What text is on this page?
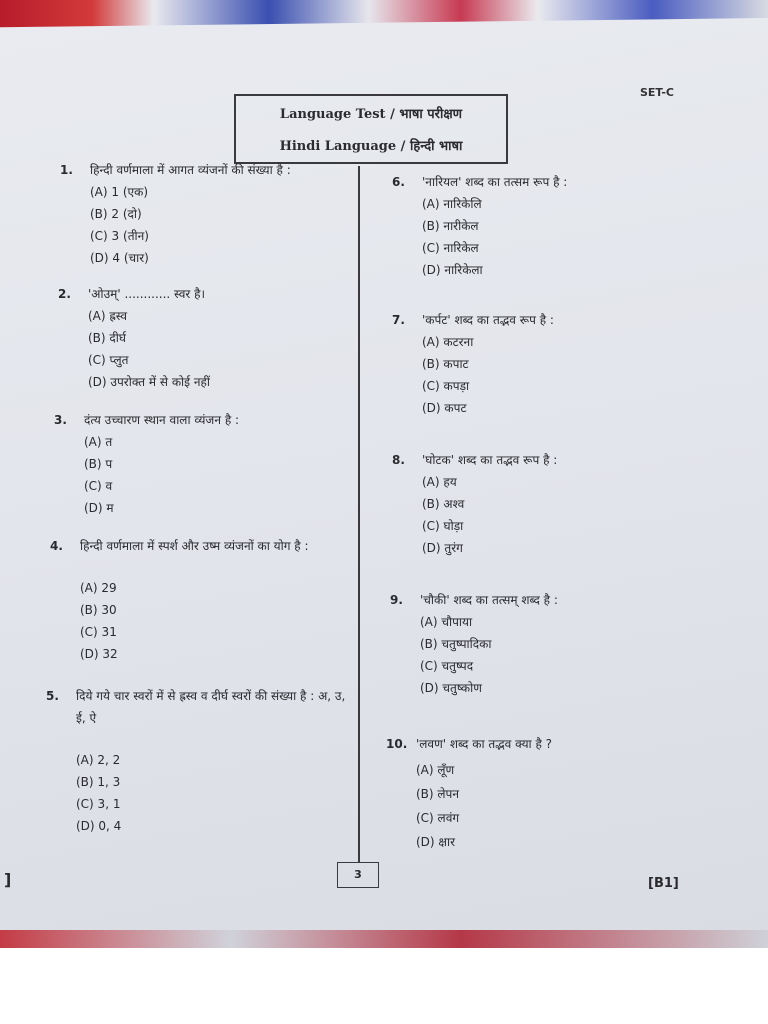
SET-C
Language Test / भाषा परीक्षण
Hindi Language / हिन्दी भाषा
1. हिन्दी वर्णमाला में आगत व्यंजनों की संख्या है :
(A) 1 (एक)
(B) 2 (दो)
(C) 3 (तीन)
(D) 4 (चार)
2. 'ओउम्' ............ स्वर है।
(A) ह्रस्व
(B) दीर्घ
(C) प्लुत
(D) उपरोक्त में से कोई नहीं
3. दंत्य उच्चारण स्थान वाला व्यंजन है :
(A) त
(B) प
(C) व
(D) म
4. हिन्दी वर्णमाला में स्पर्श और उष्म व्यंजनों का योग है :
(A) 29
(B) 30
(C) 31
(D) 32
5. दिये गये चार स्वरों में से ह्रस्व व दीर्घ स्वरों की संख्या है : अ, उ, ई, ऐ
(A) 2, 2
(B) 1, 3
(C) 3, 1
(D) 0, 4
6. 'नारियल' शब्द का तत्सम रूप है :
(A) नारिकेलि
(B) नारीकेल
(C) नारिकेल
(D) नारिकेला
7. 'कर्पट' शब्द का तद्भव रूप है :
(A) कटरना
(B) कपाट
(C) कपड़ा
(D) कपट
8. 'घोटक' शब्द का तद्भव रूप है :
(A) हय
(B) अश्व
(C) घोड़ा
(D) तुरंग
9. 'चौकी' शब्द का तत्सम् शब्द है :
(A) चौपाया
(B) चतुष्पादिका
(C) चतुष्पद
(D) चतुष्कोण
10. 'लवण' शब्द का तद्भव क्या है ?
(A) लूँण
(B) लेपन
(C) लवंग
(D) क्षार
3
[B1]
]
